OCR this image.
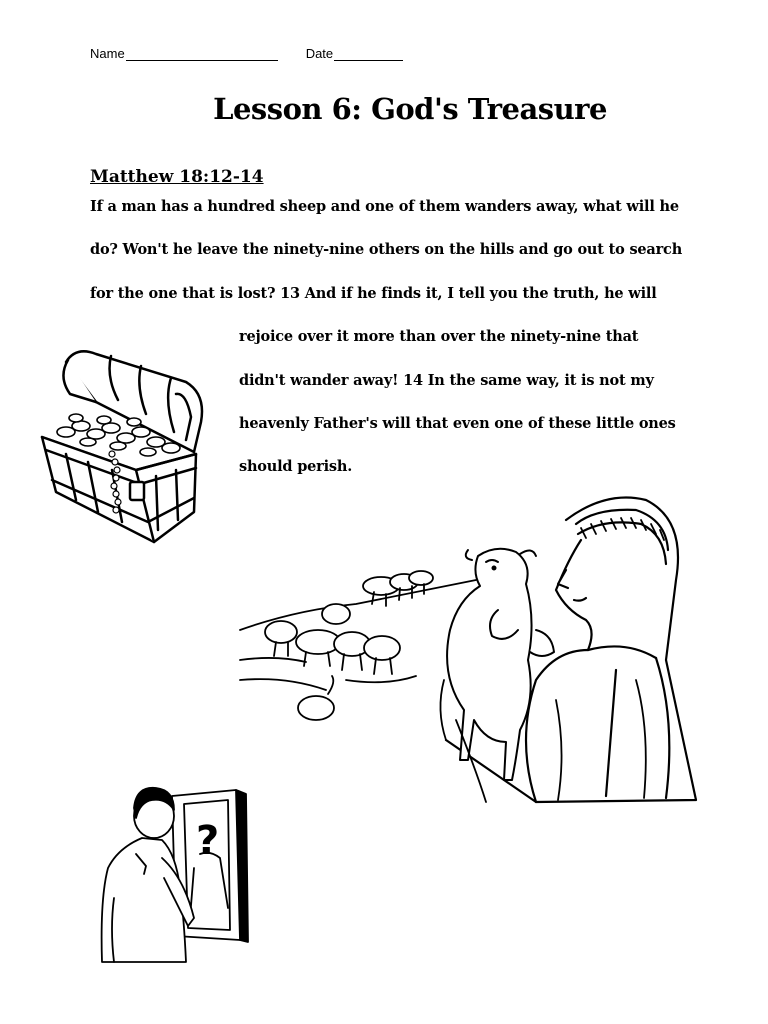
Name	Date
Lesson 6: God's Treasure
Matthew 18:12-14
If a man has a hundred sheep and one of them wanders away, what will he
do? Won't he leave the ninety-nine others on the hills and go out to search
for the one that is lost? 13 And if he finds it, I tell you the truth, he will
rejoice over it more than over the ninety-nine that
didn't wander away! 14 In the same way, it is not my
heavenly Father's will that even one of these little ones
should perish.
?
